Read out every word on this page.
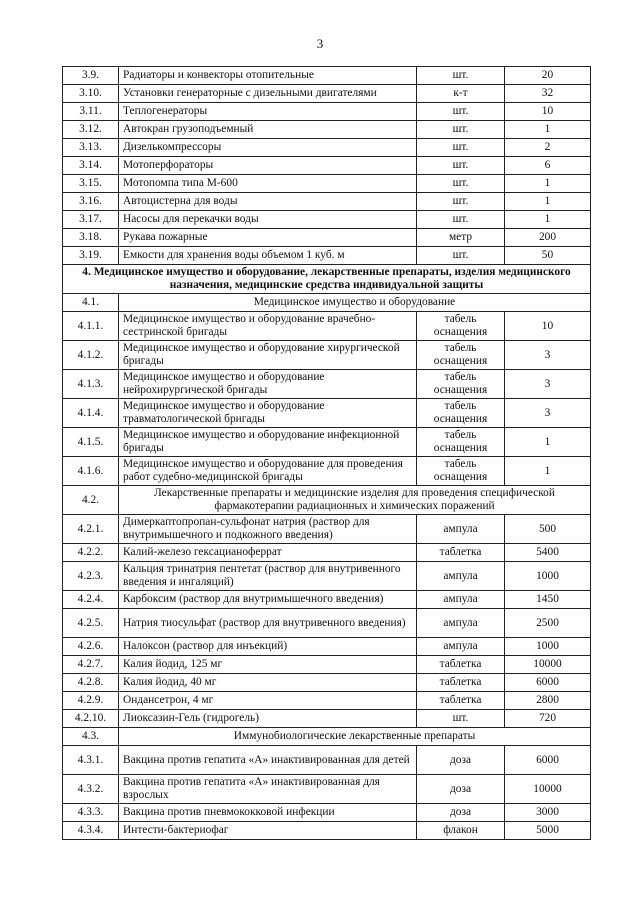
3
3.9.	Радиаторы и конвекторы отопительные	шт.	20
3.10.	Установки генераторные с дизельными двигателями	к-т	32
3.11.	Теплогенераторы	шт.	10
3.12.	Автокран грузоподъемный	шт.	1
3.13.	Дизелькомпрессоры	шт.	2
3.14.	Мотоперфораторы	шт.	6
3.15.	Мотопомпа типа М-600	шт.	1
3.16.	Автоцистерна для воды	шт.	1
3.17.	Насосы для перекачки воды	шт.	1
3.18.	Рукава пожарные	метр	200
3.19.	Емкости для хранения воды объемом 1 куб. м	шт.	50
4. Медицинское имущество и оборудование, лекарственные препараты, изделия медицинского назначения, медицинские средства индивидуальной защиты			
4.1.	Медицинское имущество и оборудование		
4.1.1.	Медицинское имущество и оборудование врачебно-сестринской бригады	табель оснащения	10
4.1.2.	Медицинское имущество и оборудование хирургической бригады	табель оснащения	3
4.1.3.	Медицинское имущество и оборудование нейрохирургической бригады	табель оснащения	3
4.1.4.	Медицинское имущество и оборудование травматологической бригады	табель оснащения	3
4.1.5.	Медицинское имущество и оборудование инфекционной бригады	табель оснащения	1
4.1.6.	Медицинское имущество и оборудование для проведения работ судебно-медицинской бригады	табель оснащения	1
4.2.	Лекарственные препараты и медицинские изделия для проведения специфической фармакотерапии радиационных и химических поражений		
4.2.1.	Димеркаптопропан-сульфонат натрия (раствор для внутримышечного и подкожного введения)	ампула	500
4.2.2.	Калий-железо гексацианоферрат	таблетка	5400
4.2.3.	Кальция тринатрия пентетат (раствор для внутривенного введения и ингаляций)	ампула	1000
4.2.4.	Карбоксим (раствор для внутримышечного введения)	ампула	1450
4.2.5.	Натрия тиосульфат (раствор для внутривенного введения)	ампула	2500
4.2.6.	Налоксон (раствор для инъекций)	ампула	1000
4.2.7.	Калия йодид, 125 мг	таблетка	10000
4.2.8.	Калия йодид, 40 мг	таблетка	6000
4.2.9.	Ондансетрон, 4 мг	таблетка	2800
4.2.10.	Лиоксазин-Гель (гидрогель)	шт.	720
4.3.	Иммунобиологические лекарственные препараты		
4.3.1.	Вакцина против гепатита «А» инактивированная для детей	доза	6000
4.3.2.	Вакцина против гепатита «А» инактивированная для взрослых	доза	10000
4.3.3.	Вакцина против пневмококковой инфекции	доза	3000
4.3.4.	Интести-бактериофаг	флакон	5000
